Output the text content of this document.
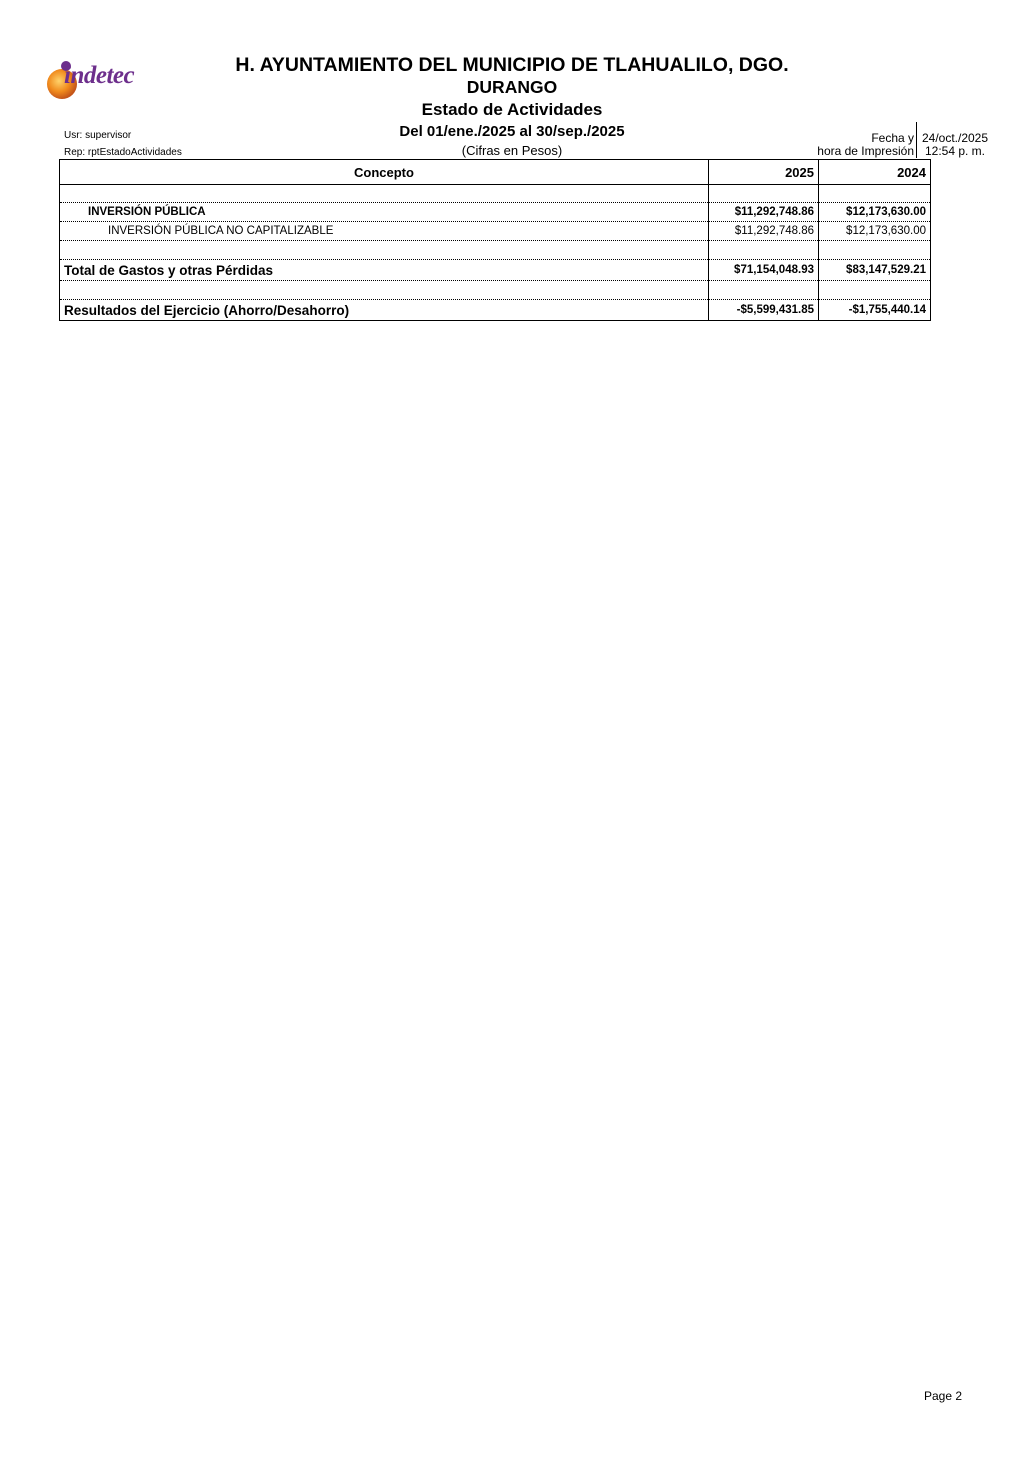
indetec	H. AYUNTAMIENTO DEL MUNICIPIO DE TLAHUALILO, DGO.
DURANGO
Estado de Actividades
Del 01/ene./2025 al 30/sep./2025
(Cifras en Pesos)
Usr: supervisor
Rep: rptEstadoActividades
Fecha y
hora de Impresión
24/oct./2025
12:54 p. m.
Concepto	2025	2024

INVERSIÓN PÚBLICA	$11,292,748.86	$12,173,630.00
INVERSIÓN PÚBLICA NO CAPITALIZABLE	$11,292,748.86	$12,173,630.00

Total de Gastos y otras Pérdidas	$71,154,048.93	$83,147,529.21

Resultados del Ejercicio (Ahorro/Desahorro)	-$5,599,431.85	-$1,755,440.14
Page 2
